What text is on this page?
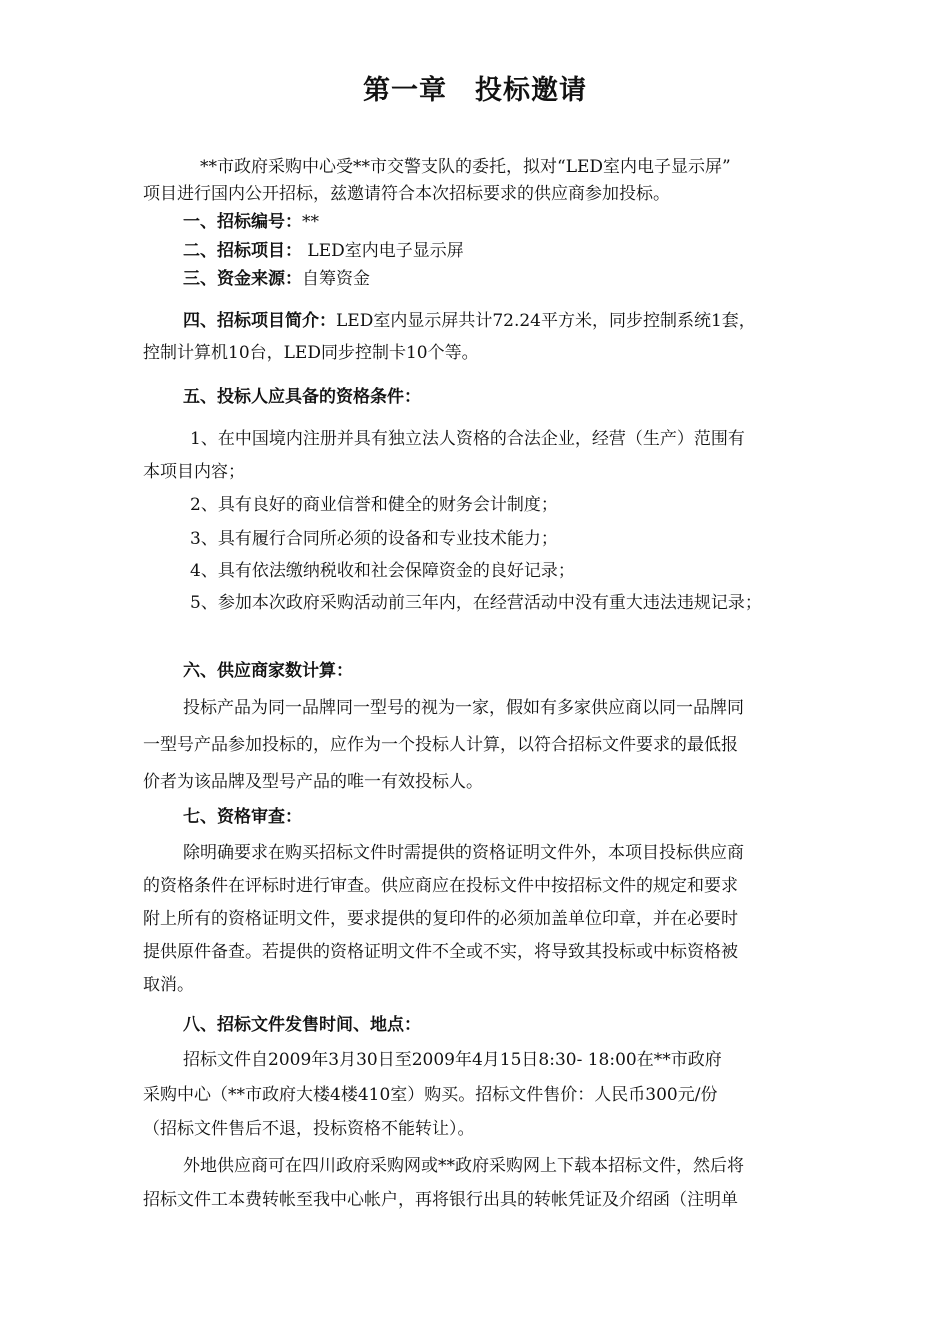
第一章 投标邀请
**市政府采购中心受**市交警支队的委托，拟对“LED室内电子显示屏”
项目进行国内公开招标，兹邀请符合本次招标要求的供应商参加投标。
一、招标编号：**
二、招标项目： LED室内电子显示屏
三、资金来源：自筹资金
四、招标项目简介：LED室内显示屏共计72.24平方米，同步控制系统1套，
控制计算机10台，LED同步控制卡10个等。
五、投标人应具备的资格条件：
1、在中国境内注册并具有独立法人资格的合法企业，经营（生产）范围有
本项目内容；
2、具有良好的商业信誉和健全的财务会计制度；
3、具有履行合同所必须的设备和专业技术能力；
4、具有依法缴纳税收和社会保障资金的良好记录；
5、参加本次政府采购活动前三年内，在经营活动中没有重大违法违规记录；
六、供应商家数计算：
投标产品为同一品牌同一型号的视为一家，假如有多家供应商以同一品牌同
一型号产品参加投标的，应作为一个投标人计算，以符合招标文件要求的最低报
价者为该品牌及型号产品的唯一有效投标人。
七、资格审查：
除明确要求在购买招标文件时需提供的资格证明文件外，本项目投标供应商
的资格条件在评标时进行审查。供应商应在投标文件中按招标文件的规定和要求
附上所有的资格证明文件，要求提供的复印件的必须加盖单位印章，并在必要时
提供原件备查。若提供的资格证明文件不全或不实，将导致其投标或中标资格被
取消。
八、招标文件发售时间、地点：
招标文件自2009年3月30日至2009年4月15日8:30- 18:00在**市政府
采购中心（**市政府大楼4楼410室）购买。招标文件售价：人民币300元/份
（招标文件售后不退，投标资格不能转让）。
外地供应商可在四川政府采购网或**政府采购网上下载本招标文件，然后将
招标文件工本费转帐至我中心帐户，再将银行出具的转帐凭证及介绍函（注明单
